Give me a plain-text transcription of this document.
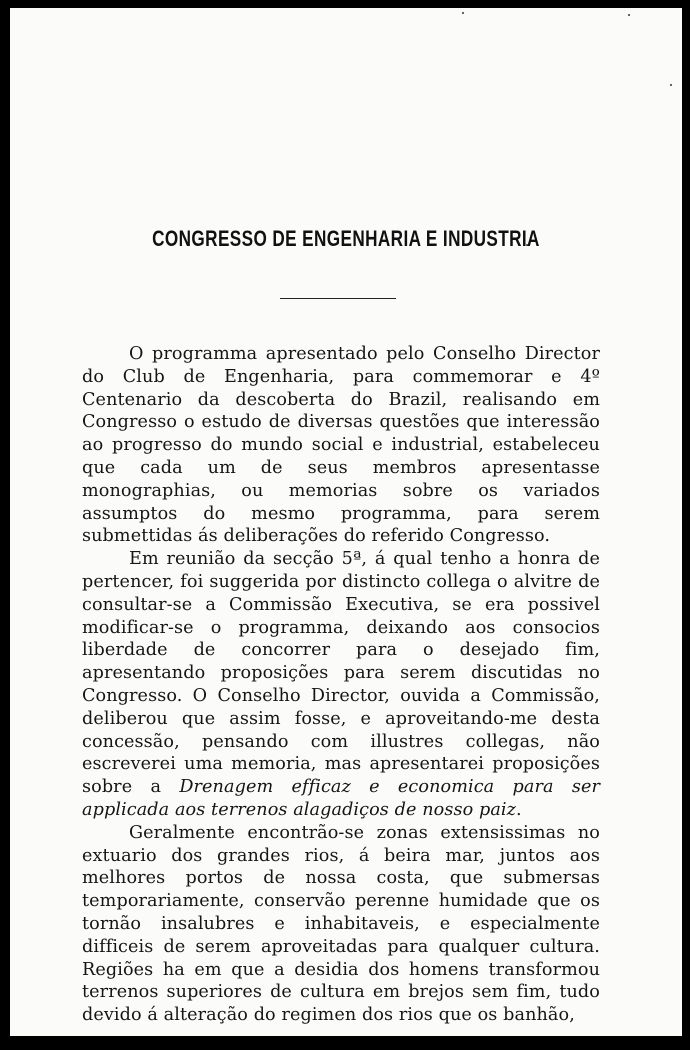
CONGRESSO DE ENGENHARIA E INDUSTRIA

O programma apresentado pelo Conselho Director do Club de Engenharia, para commemorar e 4º Centenario da descoberta do Brazil, realisando em Congresso o estudo de diversas questões que interessão ao progresso do mundo social e industrial, estabeleceu que cada um de seus membros apresentasse monographias, ou memorias sobre os variados assumptos do mesmo programma, para serem submettidas ás deliberações do referido Congresso.

Em reunião da secção 5ª, á qual tenho a honra de pertencer, foi suggerida por distincto collega o alvitre de consultar-se a Commissão Executiva, se era possivel modificar-se o programma, deixando aos consocios liberdade de concorrer para o desejado fim, apresentando proposições para serem discutidas no Congresso. O Conselho Director, ouvida a Commissão, deliberou que assim fosse, e aproveitando-me desta concessão, pensando com illustres collegas, não escreverei uma memoria, mas apresentarei proposições sobre a Drenagem efficaz e economica para ser applicada aos terrenos alagadiços de nosso paiz.

Geralmente encontrão-se zonas extensissimas no extuario dos grandes rios, á beira mar, juntos aos melhores portos de nossa costa, que submersas temporariamente, conservão perenne humidade que os tornão insalubres e inhabitaveis, e especialmente difficeis de serem aproveitadas para qualquer cultura. Regiões ha em que a desidia dos homens transformou terrenos superiores de cultura em brejos sem fim, tudo devido á alteração do regimen dos rios que os banhão,
